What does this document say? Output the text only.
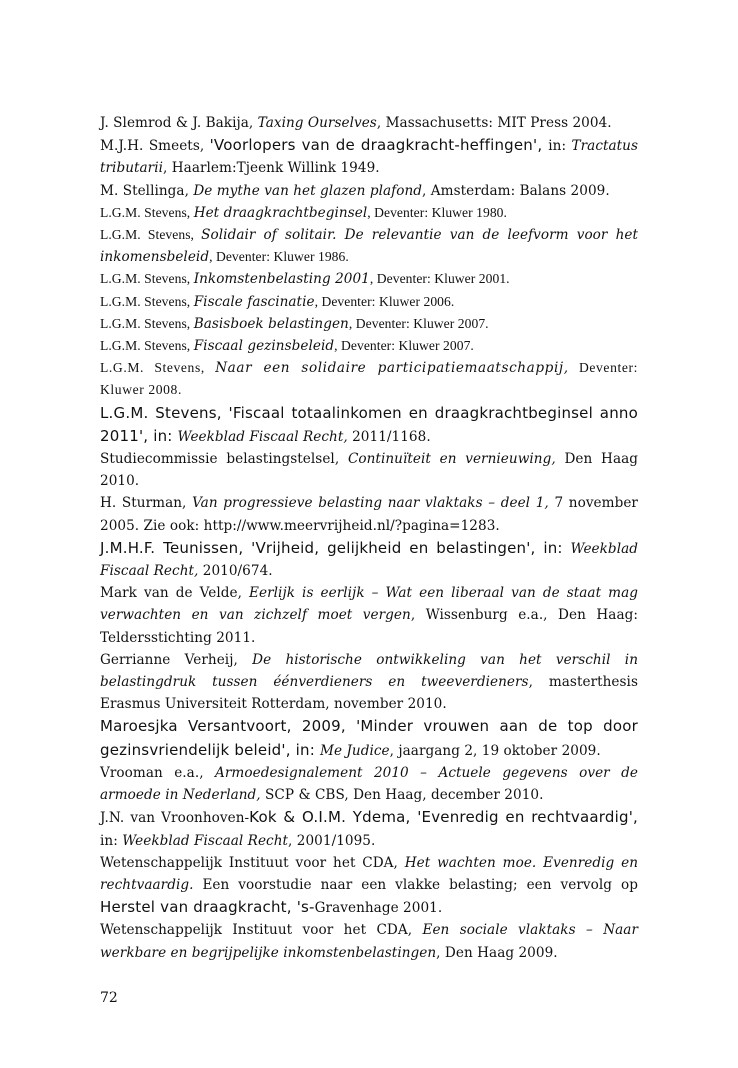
J. Slemrod & J. Bakija, Taxing Ourselves, Massachusetts: MIT Press 2004.

M.J.H. Smeets, 'Voorlopers van de draagkracht-heffingen', in: Tractatus tributarii, Haarlem:Tjeenk Willink 1949.

M. Stellinga, De mythe van het glazen plafond, Amsterdam: Balans 2009.

L.G.M. Stevens, Het draagkrachtbeginsel, Deventer: Kluwer 1980.

L.G.M. Stevens, Solidair of solitair. De relevantie van de leefvorm voor het inkomensbeleid, Deventer: Kluwer 1986.

L.G.M. Stevens, Inkomstenbelasting 2001, Deventer: Kluwer 2001.

L.G.M. Stevens, Fiscale fascinatie, Deventer: Kluwer 2006.

L.G.M. Stevens, Basisboek belastingen, Deventer: Kluwer 2007.

L.G.M. Stevens, Fiscaal gezinsbeleid, Deventer: Kluwer 2007.

L.G.M. Stevens, Naar een solidaire participatiemaatschappij, Deventer: Kluwer 2008.

L.G.M. Stevens, 'Fiscaal totaalinkomen en draagkrachtbeginsel anno 2011', in: Weekblad Fiscaal Recht, 2011/1168.

Studiecommissie belastingstelsel, Continuïteit en vernieuwing, Den Haag 2010.

H. Sturman, Van progressieve belasting naar vlaktaks – deel 1, 7 november 2005. Zie ook: http://www.meervrijheid.nl/?pagina=1283.

J.M.H.F. Teunissen, 'Vrijheid, gelijkheid en belastingen', in: Weekblad Fiscaal Recht, 2010/674.

Mark van de Velde, Eerlijk is eerlijk – Wat een liberaal van de staat mag verwachten en van zichzelf moet vergen, Wissenburg e.a., Den Haag: Teldersstichting 2011.

Gerrianne Verheij, De historische ontwikkeling van het verschil in belastingdruk tussen éénverdieners en tweeverdieners, masterthesis Erasmus Universiteit Rotterdam, november 2010.

Maroesjka Versantvoort, 2009, 'Minder vrouwen aan de top door gezinsvriendelijk beleid', in: Me Judice, jaargang 2, 19 oktober 2009.

Vrooman e.a., Armoedesignalement 2010 – Actuele gegevens over de armoede in Nederland, SCP & CBS, Den Haag, december 2010.

J.N. van Vroonhoven-Kok & O.I.M. Ydema, 'Evenredig en rechtvaardig', in: Weekblad Fiscaal Recht, 2001/1095.

Wetenschappelijk Instituut voor het CDA, Het wachten moe. Evenredig en rechtvaardig. Een voorstudie naar een vlakke belasting; een vervolg op Herstel van draagkracht, 's-Gravenhage 2001.

Wetenschappelijk Instituut voor het CDA, Een sociale vlaktaks – Naar werkbare en begrijpelijke inkomstenbelastingen, Den Haag 2009.

72
